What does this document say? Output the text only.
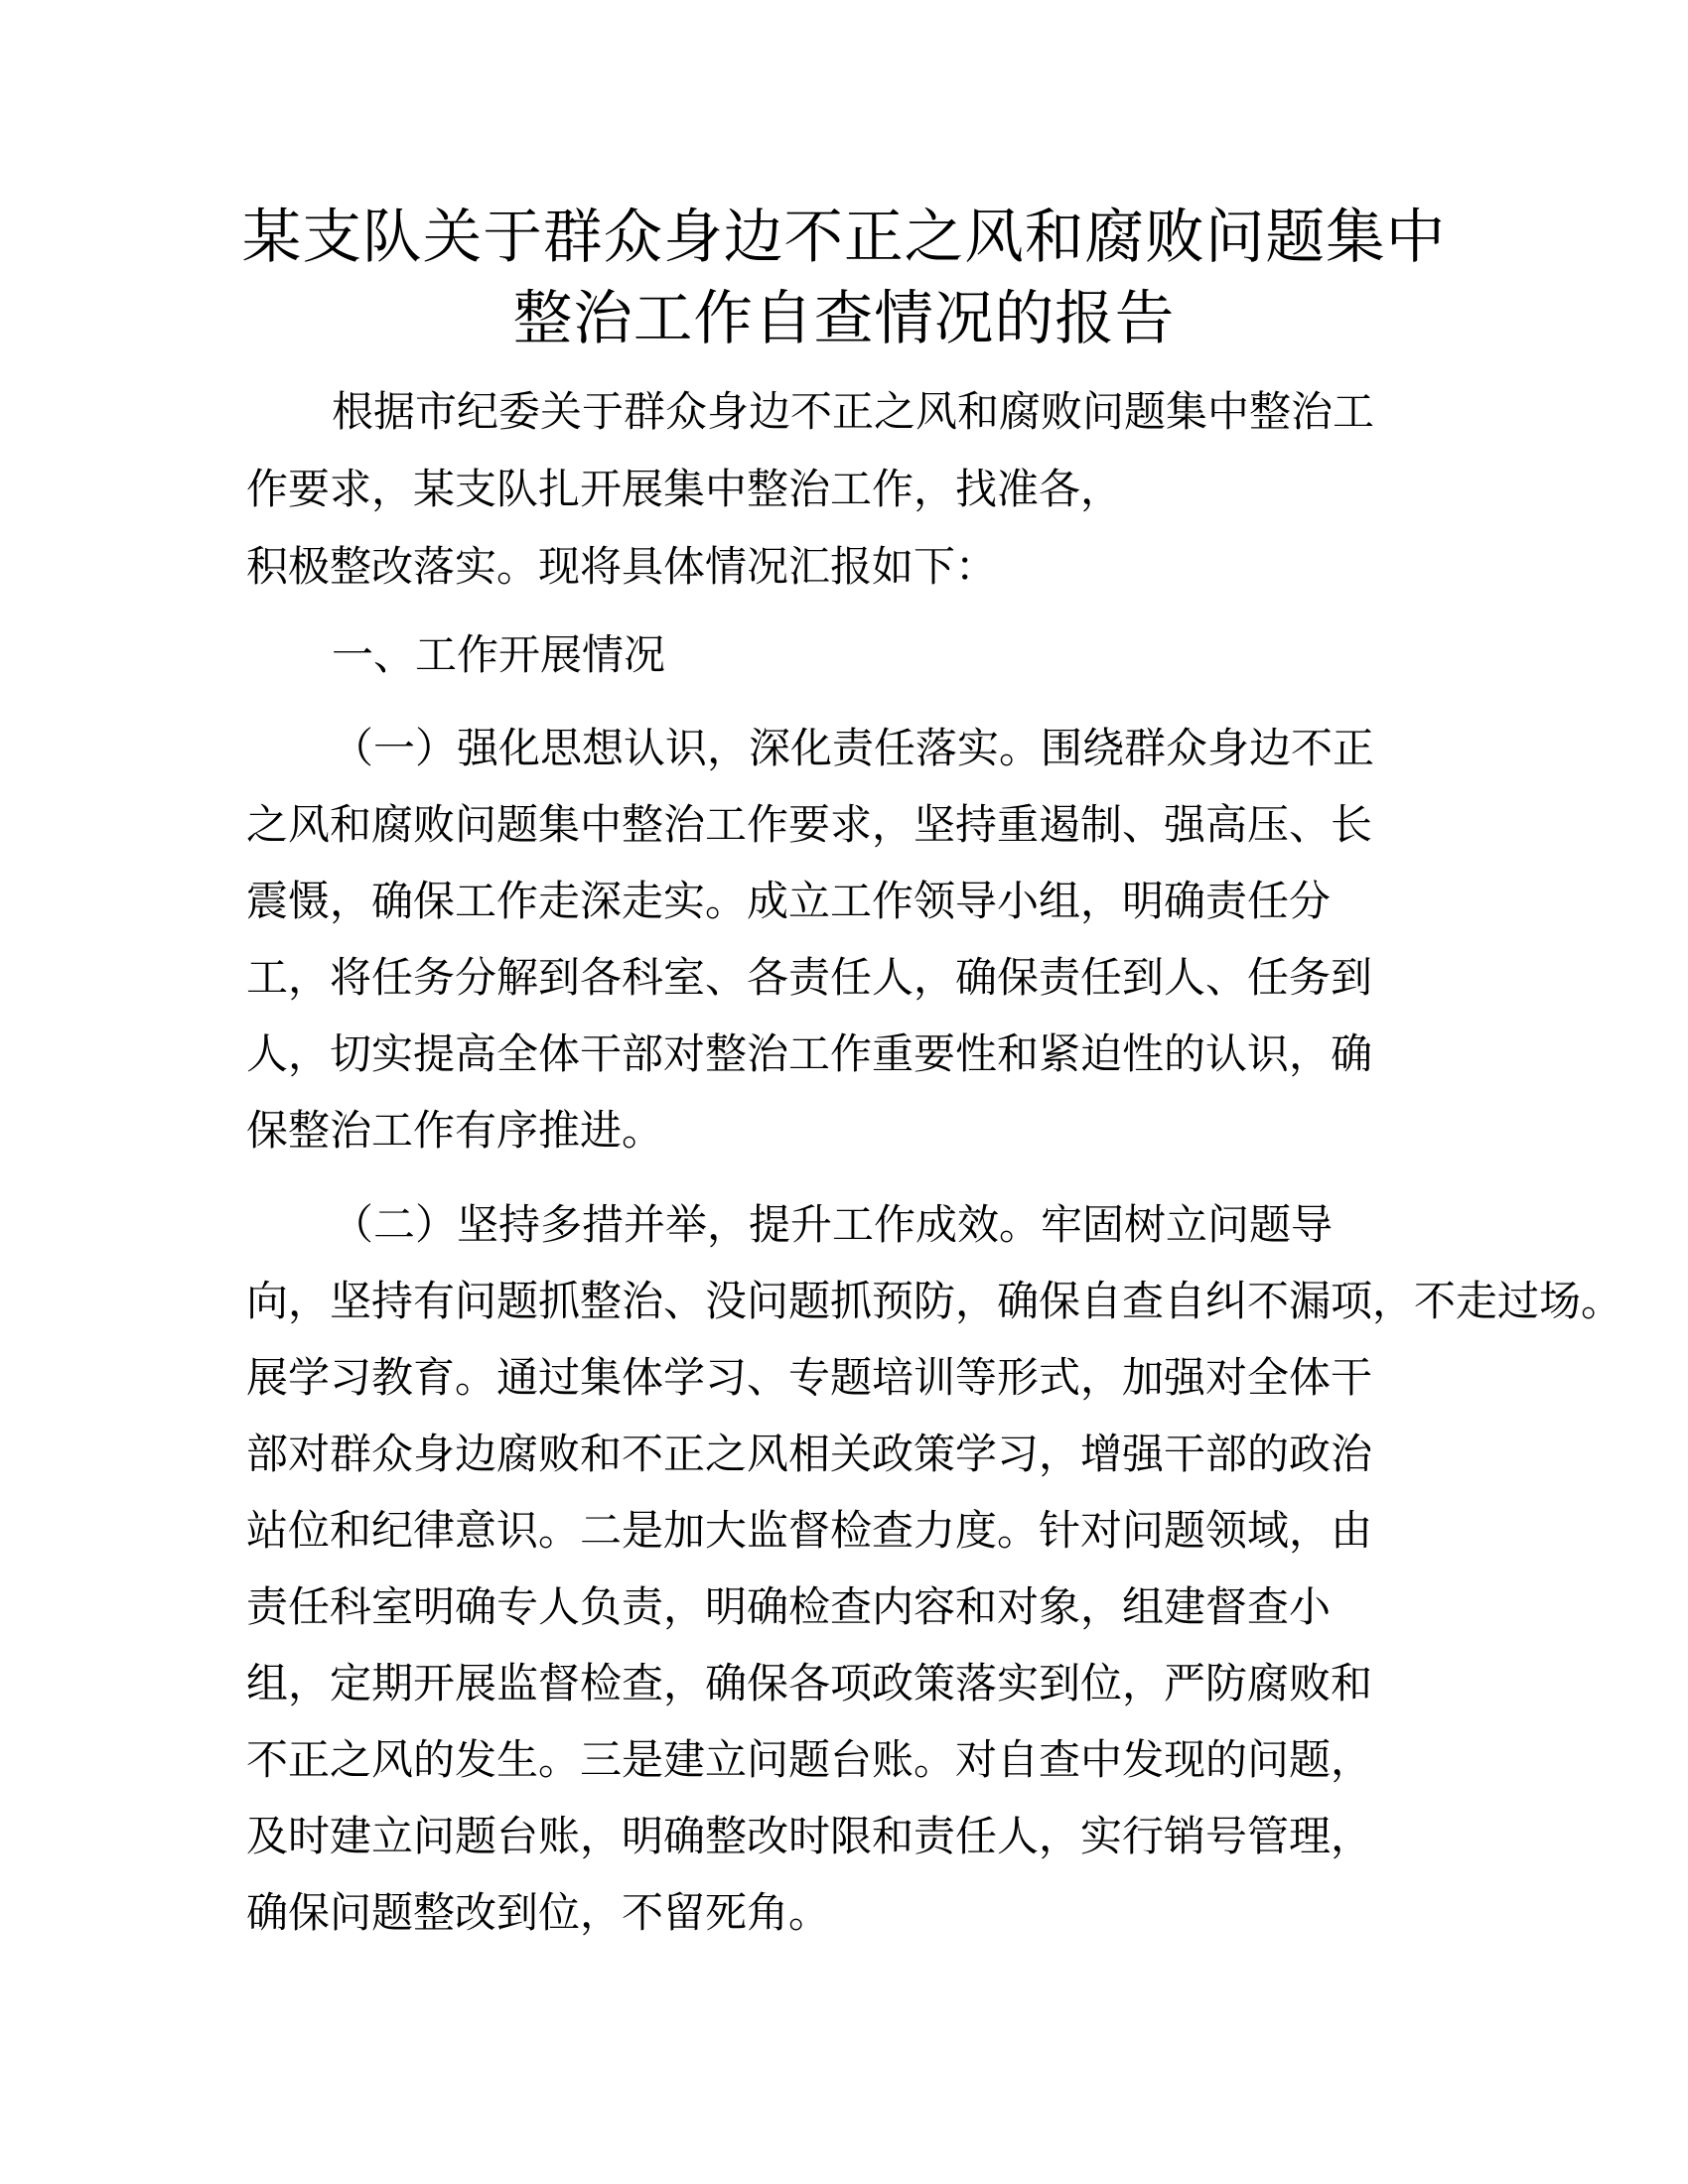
某支队关于群众身边不正之风和腐败问题集中
整治工作自查情况的报告
根据市纪委关于群众身边不正之风和腐败问题集中整治工
作要求，某支队扎开展集中整治工作，找准各，
积极整改落实。现将具体情况汇报如下：
一、工作开展情况
（一）强化思想认识，深化责任落实。围绕群众身边不正
之风和腐败问题集中整治工作要求，坚持重遏制、强高压、长
震慑，确保工作走深走实。成立工作领导小组，明确责任分
工，将任务分解到各科室、各责任人，确保责任到人、任务到
人，切实提高全体干部对整治工作重要性和紧迫性的认识，确
保整治工作有序推进。
（二）坚持多措并举，提升工作成效。牢固树立问题导
向，坚持有问题抓整治、没问题抓预防，确保自查自纠不漏项，不走过场。
展学习教育。通过集体学习、专题培训等形式，加强对全体干
部对群众身边腐败和不正之风相关政策学习，增强干部的政治
站位和纪律意识。二是加大监督检查力度。针对问题领域，由
责任科室明确专人负责，明确检查内容和对象，组建督查小
组，定期开展监督检查，确保各项政策落实到位，严防腐败和
不正之风的发生。三是建立问题台账。对自查中发现的问题，
及时建立问题台账，明确整改时限和责任人，实行销号管理，
确保问题整改到位，不留死角。
